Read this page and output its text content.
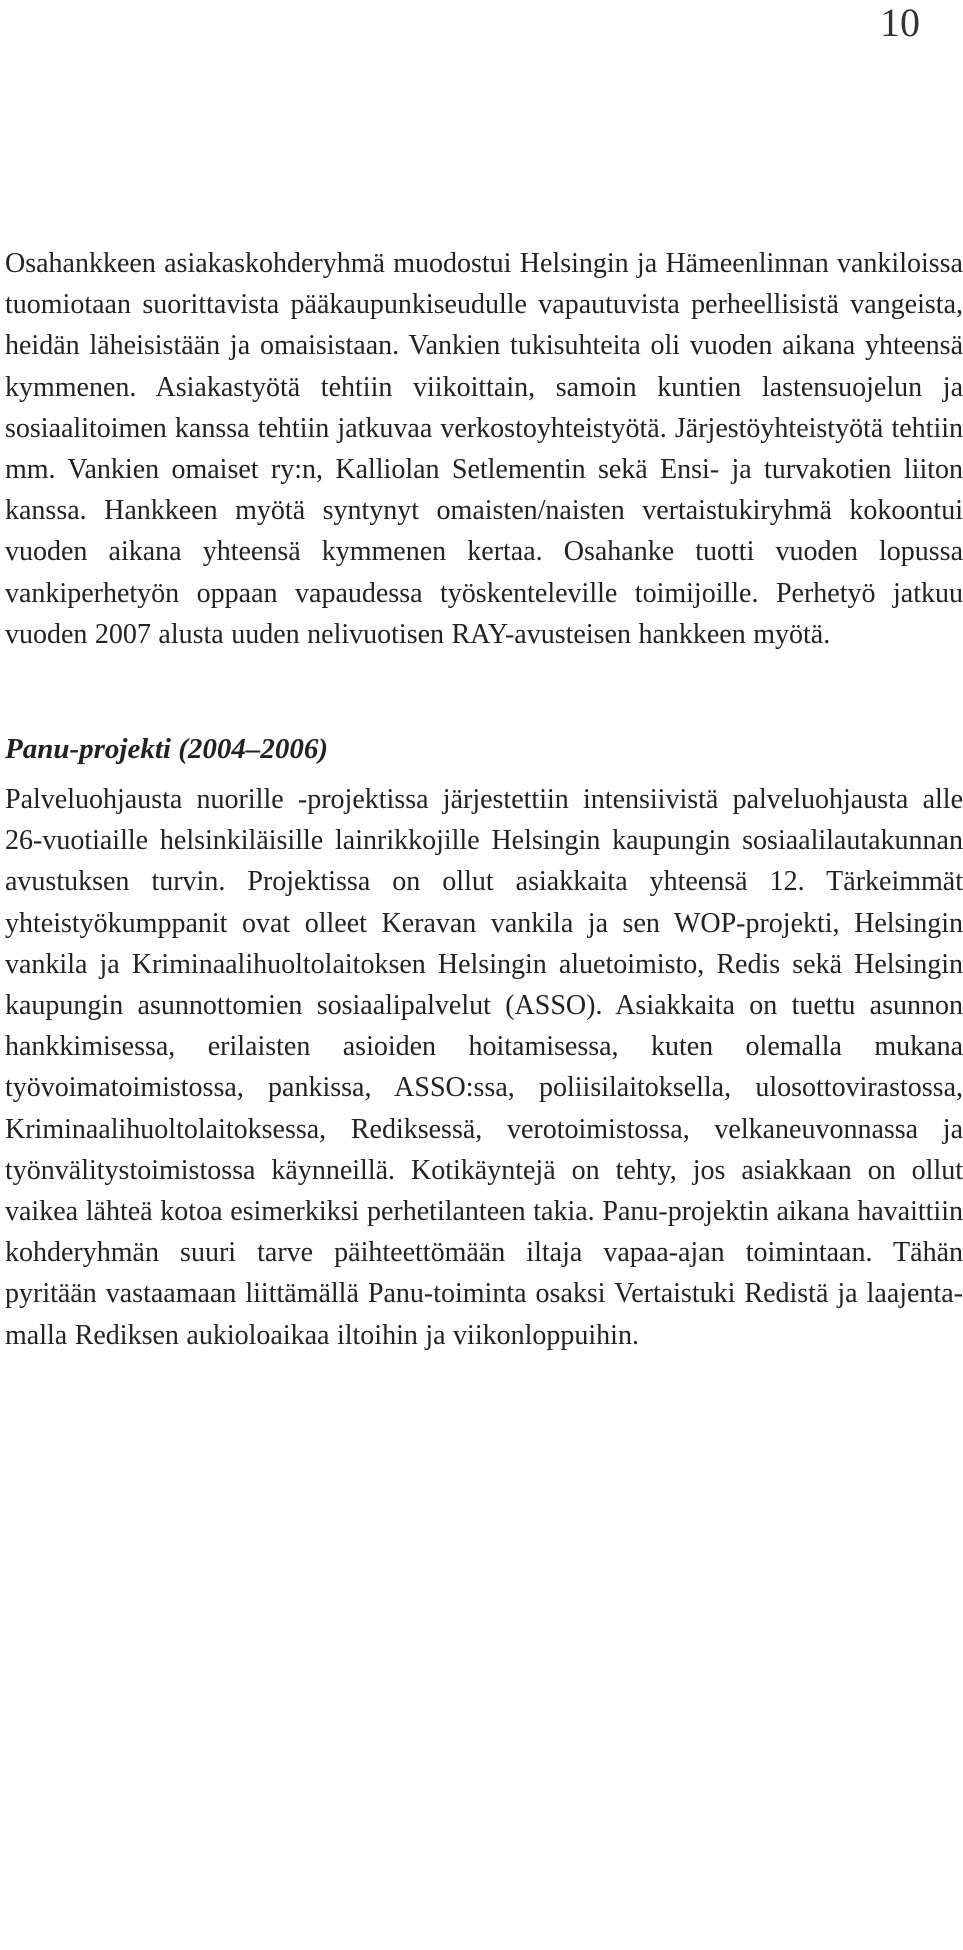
10

Osahankkeen asiakaskohderyhmä muodostui Helsingin ja Hämeenlinnan vankiloissa tuomiotaan suorittavista pääkaupunkiseudulle vapautuvista perheellisistä vangeista, heidän läheisistään ja omaisistaan. Vankien tukisuhteita oli vuoden aikana yhteensä kymmenen. Asiakastyötä tehtiin viikoittain, samoin kuntien lastensuojelun ja sosiaalitoimen kanssa tehtiin jatkuvaa verkostoyhteistyötä. Järjestöyhteistyötä tehtiin mm. Vankien omaiset ry:n, Kalliolan Setlementin sekä Ensi- ja turvakotien liiton kanssa. Hankkeen myötä syntynyt omaisten/naisten vertaistukiryhmä kokoontui vuoden aikana yhteensä kymmenen kertaa. Osahanke tuotti vuoden lopussa vankiperhetyön oppaan vapaudessa työskenteleville toimijoille. Perhetyö jatkuu vuoden 2007 alusta uuden nelivuotisen RAY-avusteisen hankkeen myötä.

Panu-projekti (2004–2006)

Palveluohjausta nuorille -projektissa järjestettiin intensiivistä palveluohjausta alle 26-vuotiaille helsinkiläisille lainrikkojille Helsingin kaupungin sosiaalilautakunnan avustuksen turvin. Projektissa on ollut asiakkaita yhteensä 12. Tärkeimmät yhteistyökumppanit ovat olleet Keravan vankila ja sen WOP-projekti, Helsingin vankila ja Kriminaalihuoltolaitoksen Helsingin aluetoimisto, Redis sekä Helsingin kaupungin asunnottomien sosiaalipalvelut (ASSO). Asiakkaita on tuettu asunnon hankkimisessa, erilaisten asioiden hoitamisessa, kuten olemalla mukana työvoimatoimistossa, pankissa, ASSO:ssa, poliisilaitoksella, ulosottovirastossa, Kriminaalihuoltolaitoksessa, Rediksessä, verotoimistossa, velkaneuvonnassa ja työnvälitystoimistossa käynneillä. Kotikäyntejä on tehty, jos asiakkaan on ollut vaikea lähteä kotoa esimerkiksi perhetilanteen takia. Panu-projektin aikana havaittiin kohderyhmän suuri tarve päihteettömään iltaja vapaa-ajan toimintaan. Tähän pyritään vastaamaan liittämällä Panu-toiminta osaksi Vertaistuki Redistä ja laajentamalla Rediksen aukioloaikaa iltoihin ja viikonloppuihin.
